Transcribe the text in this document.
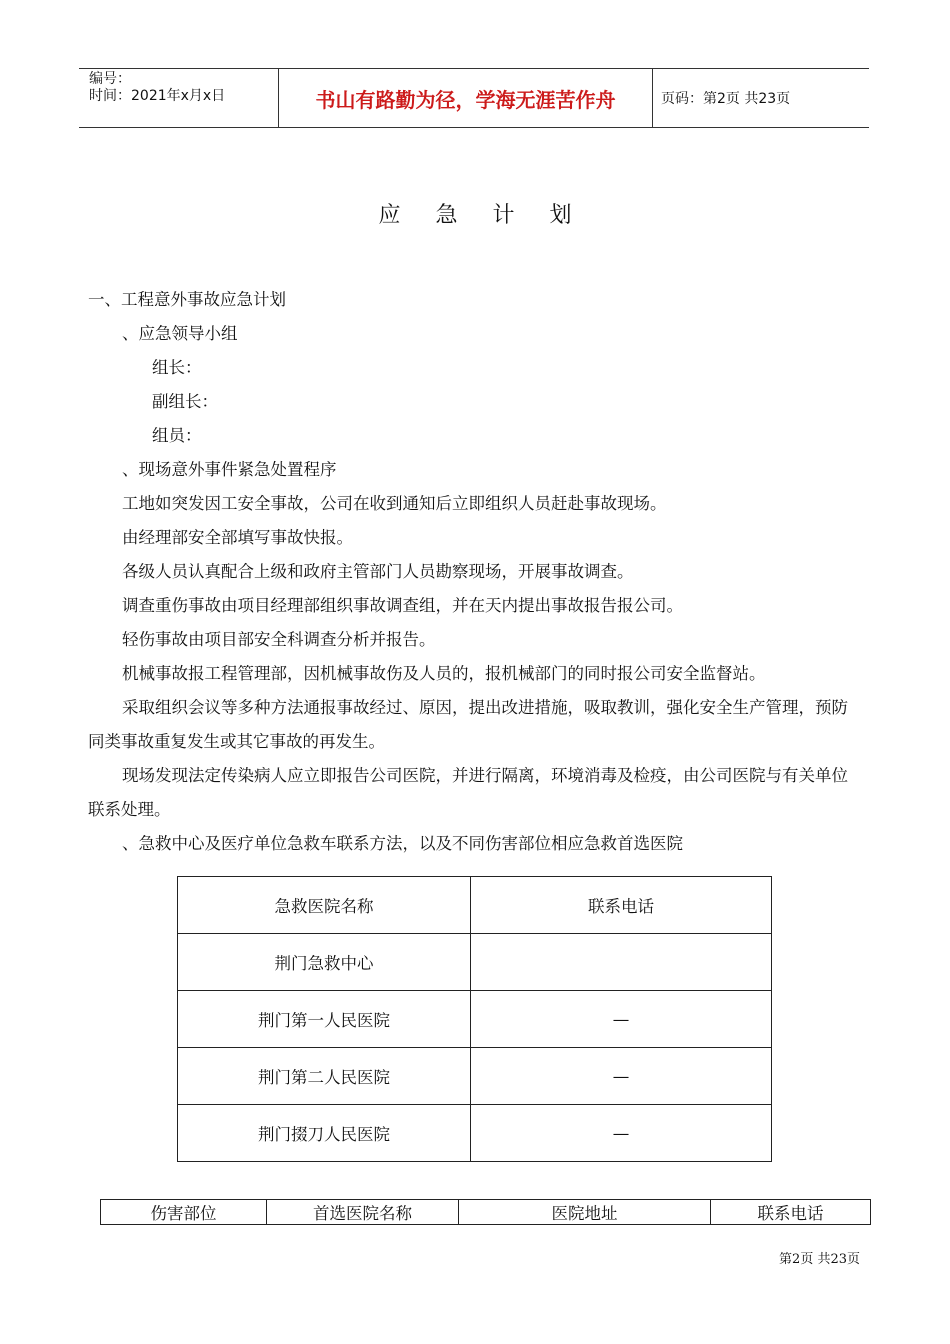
编号：
时间：2021年x月x日	书山有路勤为径，学海无涯苦作舟	页码：第2页 共23页
应 急 计 划

一、工程意外事故应急计划

、应急领导小组

组长：

副组长：

组员：

、现场意外事件紧急处置程序

工地如突发因工安全事故，公司在收到通知后立即组织人员赶赴事故现场。

由经理部安全部填写事故快报。

各级人员认真配合上级和政府主管部门人员勘察现场，开展事故调查。

调查重伤事故由项目经理部组织事故调查组，并在天内提出事故报告报公司。

轻伤事故由项目部安全科调查分析并报告。

机械事故报工程管理部，因机械事故伤及人员的，报机械部门的同时报公司安全监督站。

采取组织会议等多种方法通报事故经过、原因，提出改进措施，吸取教训，强化安全生产管理，预防同类事故重复发生或其它事故的再发生。

现场发现法定传染病人应立即报告公司医院，并进行隔离，环境消毒及检疫，由公司医院与有关单位联系处理。

、急救中心及医疗单位急救车联系方法，以及不同伤害部位相应急救首选医院

急救医院名称	联系电话
荆门急救中心	
荆门第一人民医院	—
荆门第二人民医院	—
荆门掇刀人民医院	—
伤害部位	首选医院名称	医院地址	联系电话
第2页 共23页
